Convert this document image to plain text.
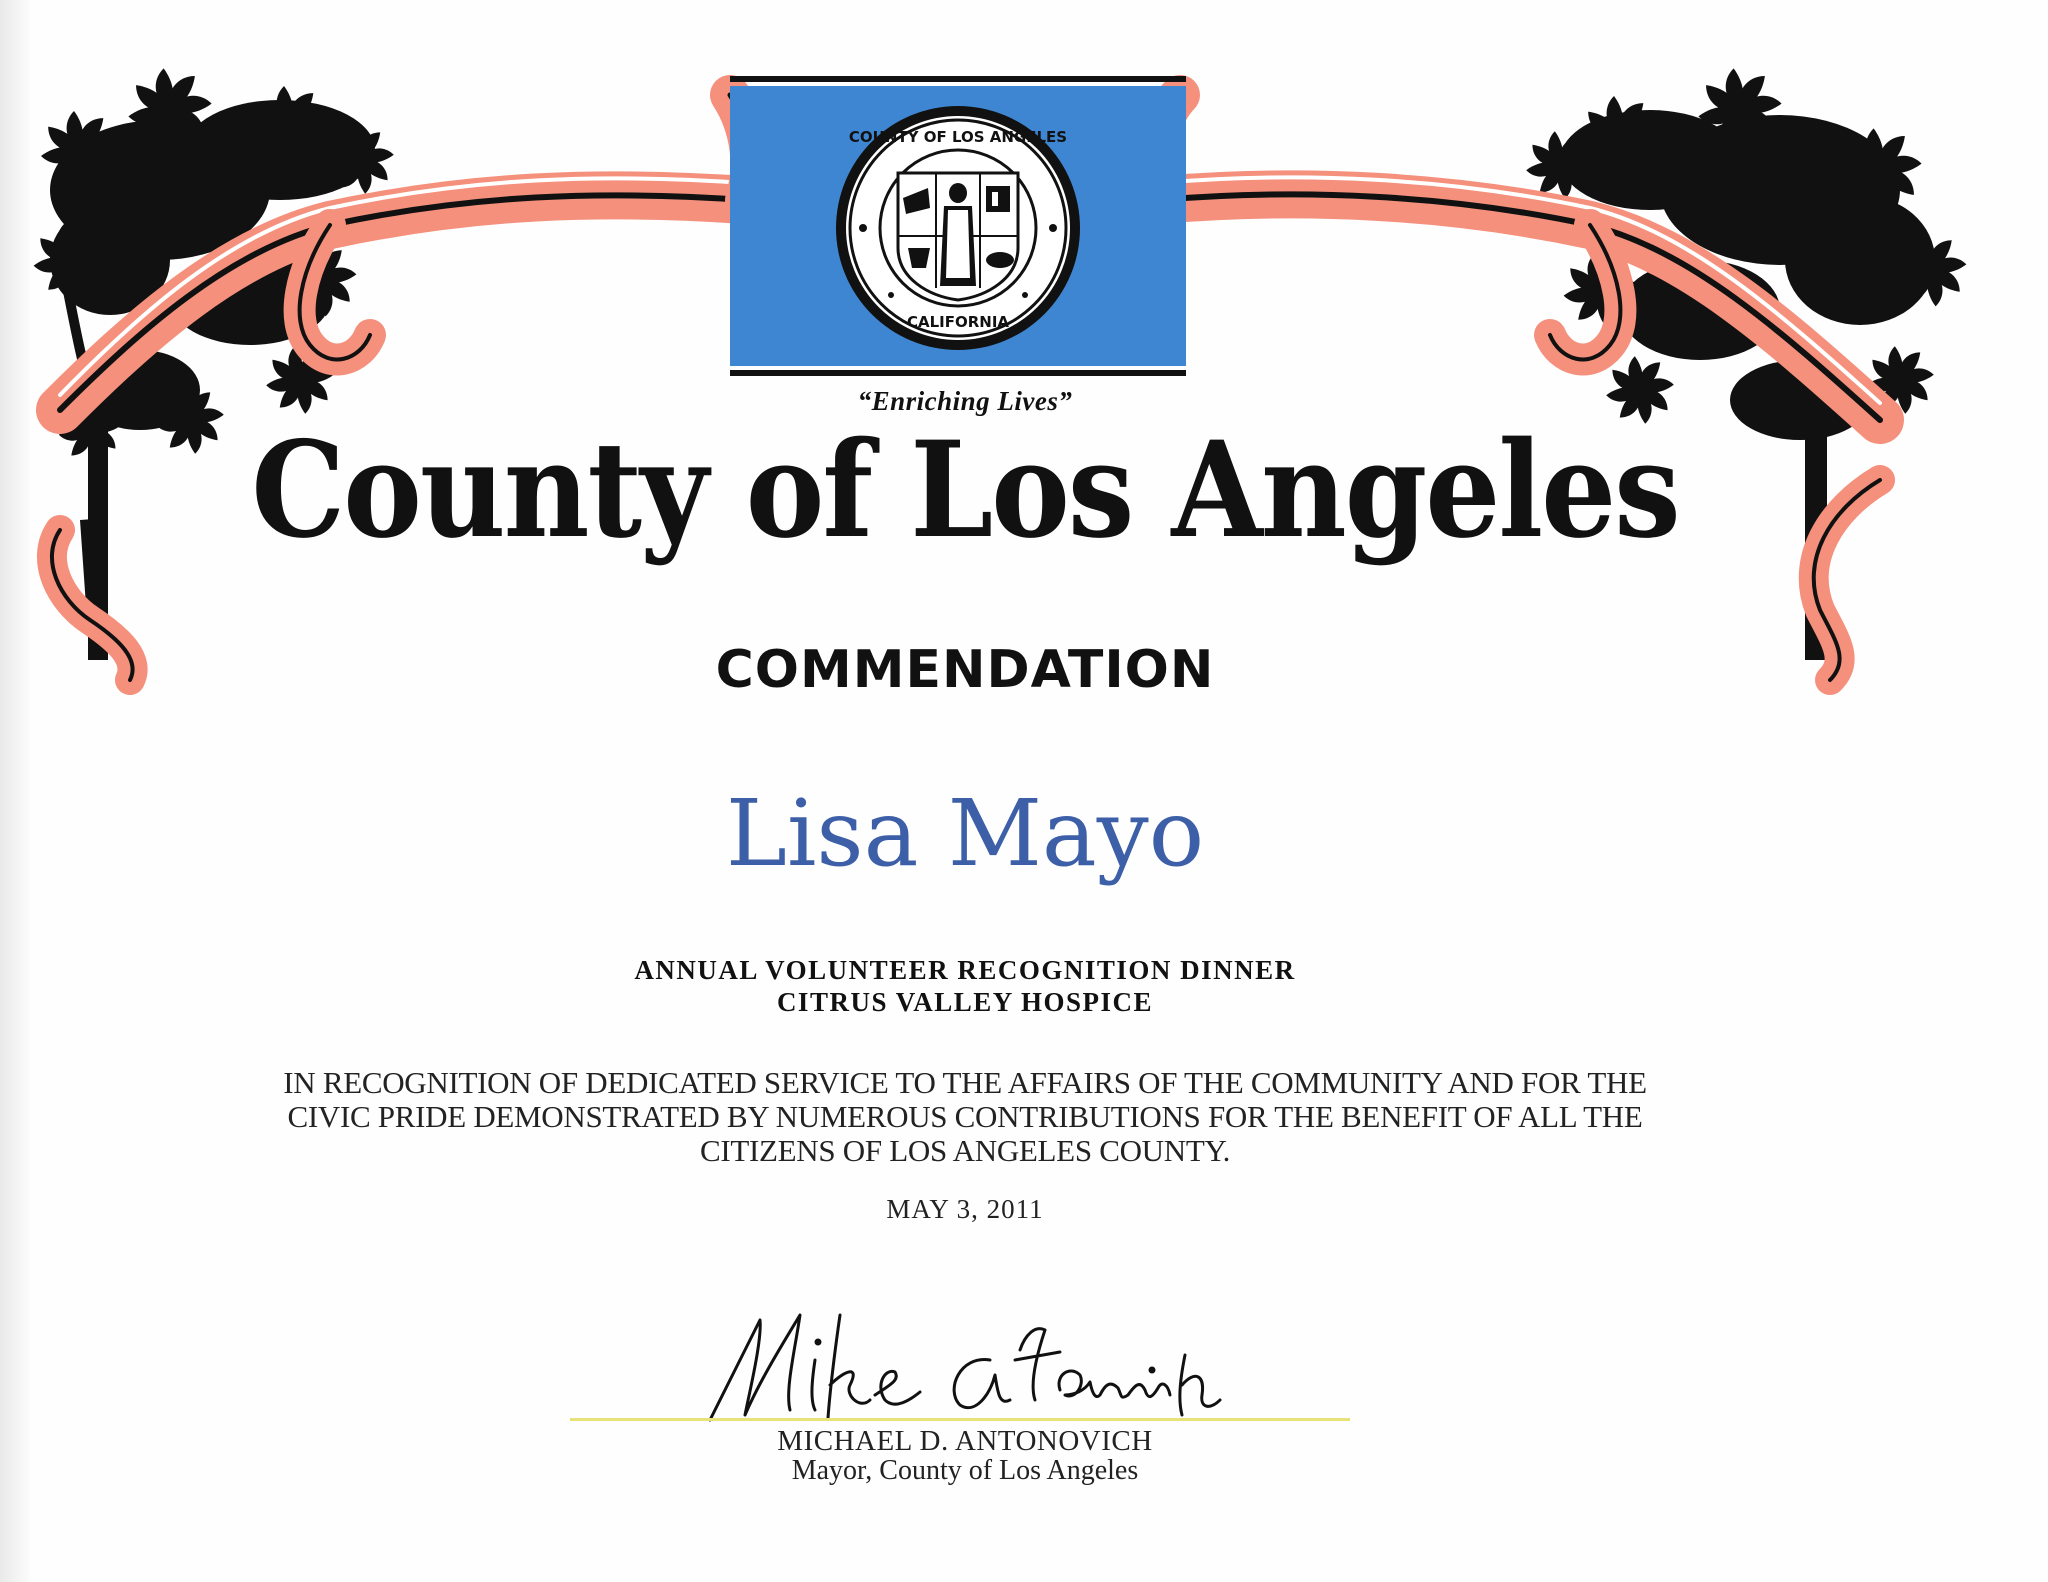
COUNTY OF LOS ANGELES
CALIFORNIA
“Enriching Lives”
County of Los Angeles
COMMENDATION
Lisa Mayo
ANNUAL VOLUNTEER RECOGNITION DINNER
CITRUS VALLEY HOSPICE
IN RECOGNITION OF DEDICATED SERVICE TO THE AFFAIRS OF THE COMMUNITY AND FOR THE
CIVIC PRIDE DEMONSTRATED BY NUMEROUS CONTRIBUTIONS FOR THE BENEFIT OF ALL THE
CITIZENS OF LOS ANGELES COUNTY.
MAY 3, 2011
MICHAEL D. ANTONOVICH
Mayor, County of Los Angeles
